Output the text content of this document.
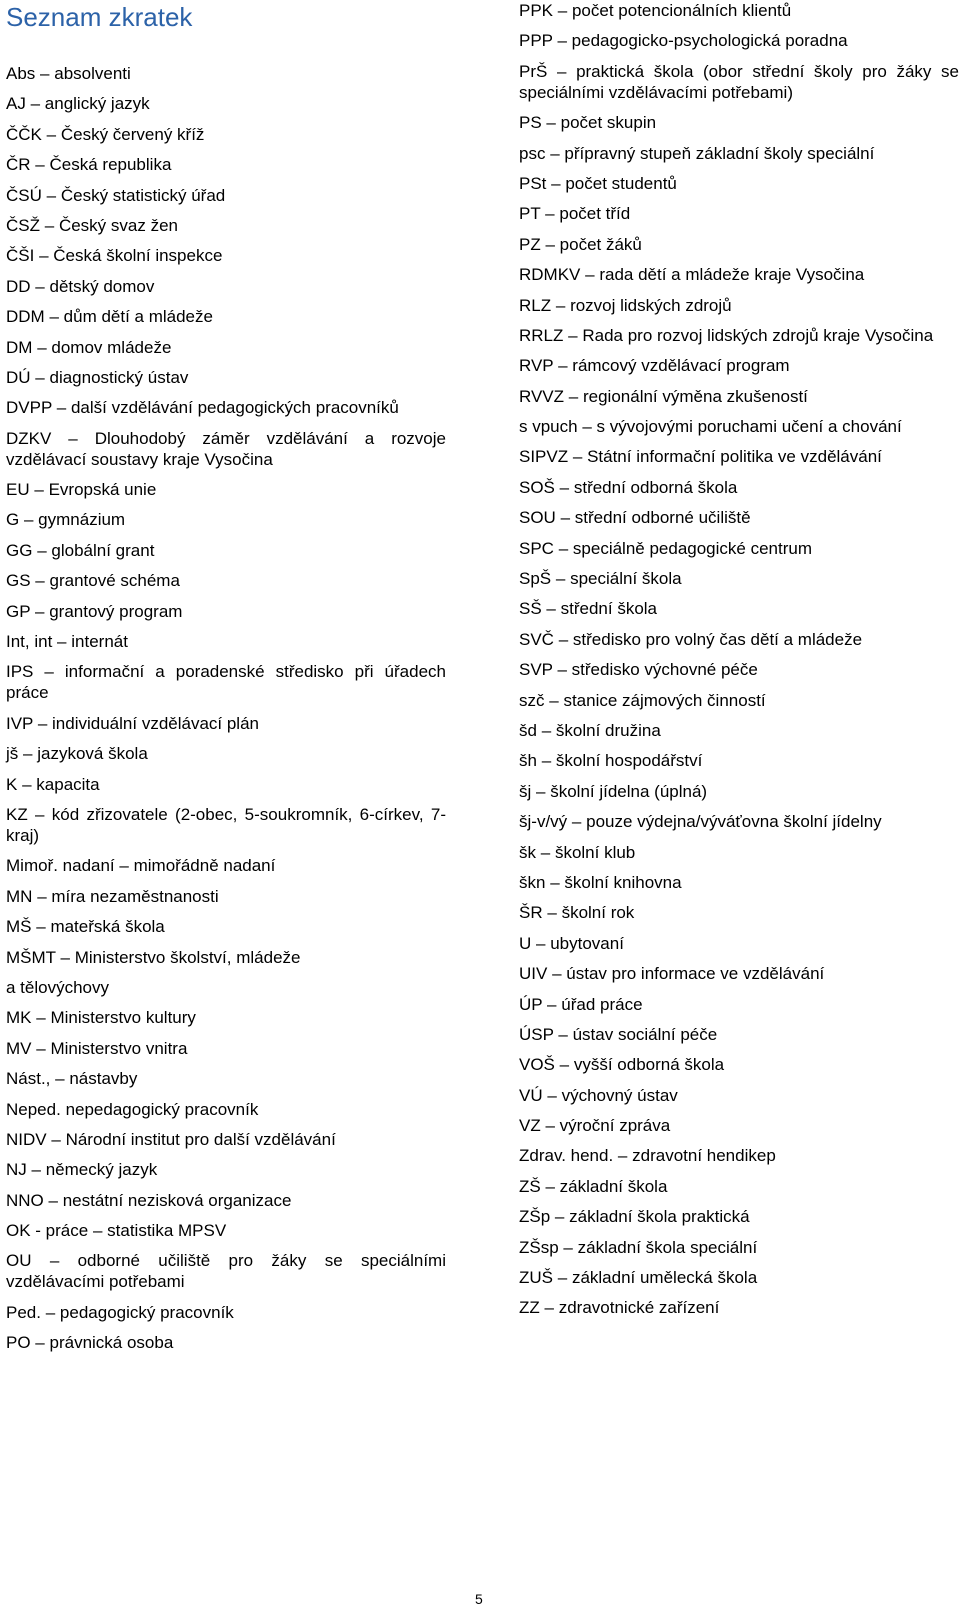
Seznam zkratek

Abs – absolventi

AJ – anglický jazyk

ČČK – Český červený kříž

ČR – Česká republika

ČSÚ – Český statistický úřad

ČSŽ – Český svaz žen

ČŠI – Česká školní inspekce

DD – dětský domov

DDM – dům dětí a mládeže

DM – domov mládeže

DÚ – diagnostický ústav

DVPP – další vzdělávání pedagogických pracovníků

DZKV – Dlouhodobý záměr vzdělávání a rozvoje vzdělávací soustavy kraje Vysočina

EU – Evropská unie

G – gymnázium

GG – globální grant

GS – grantové schéma

GP – grantový program

Int, int – internát

IPS – informační a poradenské středisko při úřadech práce

IVP – individuální vzdělávací plán

jš – jazyková škola

K – kapacita

KZ – kód zřizovatele (2-obec, 5-soukromník, 6-církev, 7-kraj)

Mimoř. nadaní – mimořádně nadaní

MN – míra nezaměstnanosti

MŠ – mateřská škola

MŠMT – Ministerstvo školství, mládeže

a tělovýchovy

MK – Ministerstvo kultury

MV – Ministerstvo vnitra

Nást., – nástavby

Neped. nepedagogický pracovník

NIDV – Národní institut pro další vzdělávání

NJ – německý jazyk

NNO – nestátní nezisková organizace

OK - práce – statistika MPSV

OU – odborné učiliště pro žáky se speciálními vzdělávacími potřebami

Ped. – pedagogický pracovník

PO – právnická osoba

PPK – počet potencionálních klientů

PPP – pedagogicko-psychologická poradna

PrŠ – praktická škola (obor střední školy pro žáky se speciálními vzdělávacími potřebami)

PS – počet skupin

psc – přípravný stupeň základní školy speciální

PSt – počet studentů

PT – počet tříd

PZ – počet žáků

RDMKV – rada dětí a mládeže kraje Vysočina

RLZ – rozvoj lidských zdrojů

RRLZ – Rada pro rozvoj lidských zdrojů kraje Vysočina

RVP – rámcový vzdělávací program

RVVZ – regionální výměna zkušeností

s vpuch – s vývojovými poruchami učení a chování

SIPVZ – Státní informační politika ve vzdělávání

SOŠ – střední odborná škola

SOU – střední odborné učiliště

SPC – speciálně pedagogické centrum

SpŠ – speciální škola

SŠ – střední škola

SVČ – středisko pro volný čas dětí a mládeže

SVP – středisko výchovné péče

szč – stanice zájmových činností

šd – školní družina

šh – školní hospodářství

šj – školní jídelna (úplná)

šj-v/vý – pouze výdejna/výváťovna školní jídelny

šk – školní klub

škn – školní knihovna

ŠR – školní rok

U – ubytovaní

UIV – ústav pro informace ve vzdělávání

ÚP – úřad práce

ÚSP – ústav sociální péče

VOŠ – vyšší odborná škola

VÚ – výchovný ústav

VZ – výroční zpráva

Zdrav. hend. – zdravotní hendikep

ZŠ – základní škola

ZŠp – základní škola praktická

ZŠsp – základní škola speciální

ZUŠ – základní umělecká škola

ZZ – zdravotnické zařízení

5
